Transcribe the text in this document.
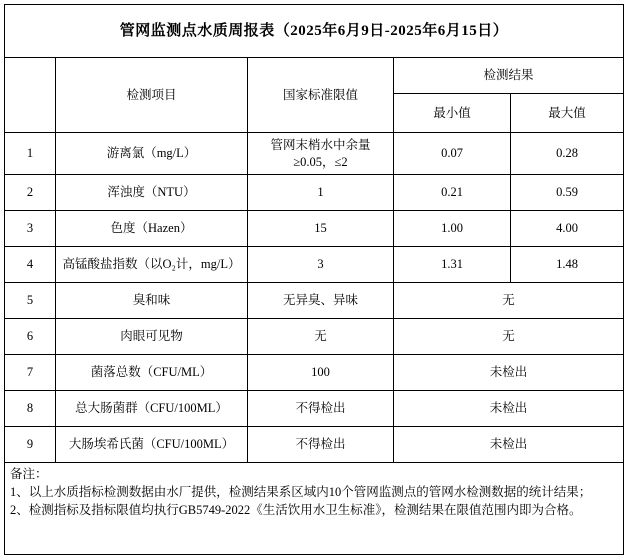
管网监测点水质周报表（2025年6月9日-2025年6月15日）				
	检测项目	国家标准限值	检测结果	
			最小值	最大值
1	游离氯（mg/L）	管网末梢水中余量≥0.05，≤2	0.07	0.28
2	浑浊度（NTU）	1	0.21	0.59
3	色度（Hazen）	15	1.00	4.00
4	高锰酸盐指数（以O₂计，mg/L）	3	1.31	1.48
5	臭和味	无异臭、异味	无	
6	肉眼可见物	无	无	
7	菌落总数（CFU/ML）	100	未检出	
8	总大肠菌群（CFU/100ML）	不得检出	未检出	
9	大肠埃希氏菌（CFU/100ML）	不得检出	未检出	

备注：

1、以上水质指标检测数据由水厂提供，检测结果系区域内10个管网监测点的管网水检测数据的统计结果；

2、检测指标及指标限值均执行GB5749-2022《生活饮用水卫生标准》，检测结果在限值范围内即为合格。				
